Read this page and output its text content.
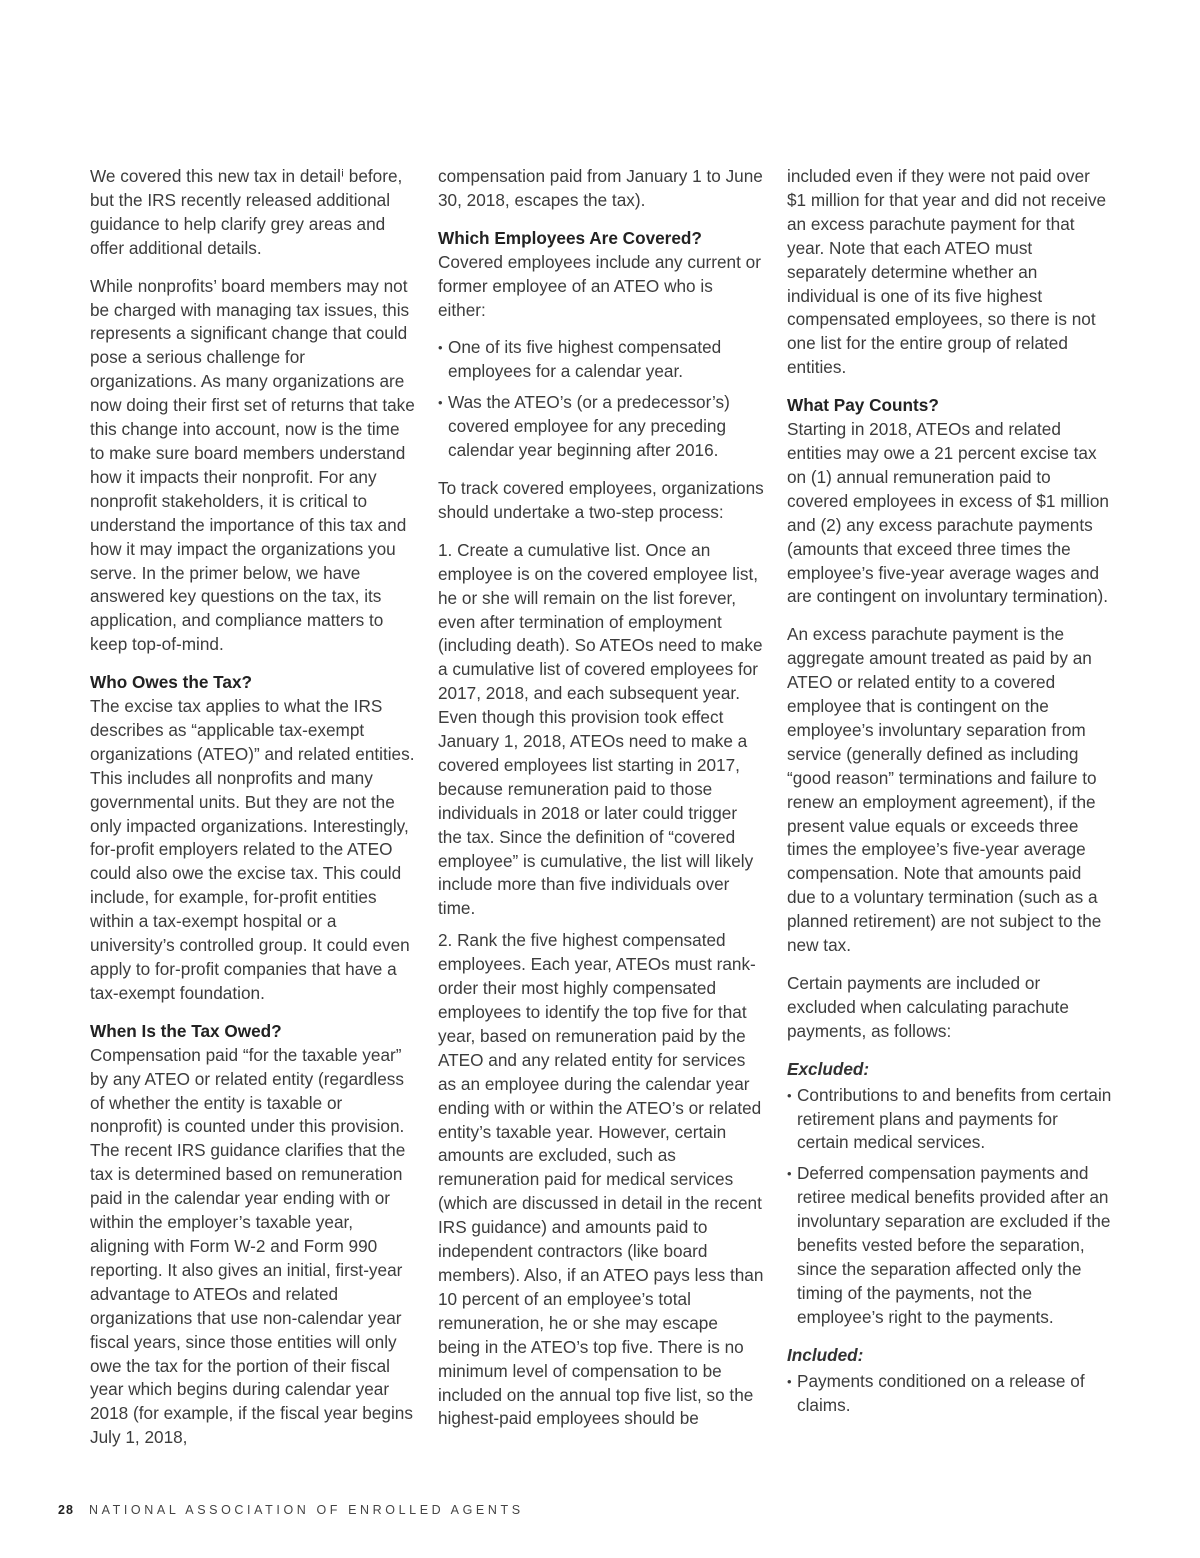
We covered this new tax in detailⁱ before, but the IRS recently released additional guidance to help clarify grey areas and offer additional details.

While nonprofits’ board members may not be charged with managing tax issues, this represents a significant change that could pose a serious challenge for organizations. As many organizations are now doing their first set of returns that take this change into account, now is the time to make sure board members understand how it impacts their nonprofit. For any nonprofit stakeholders, it is critical to understand the importance of this tax and how it may impact the organizations you serve. In the primer below, we have answered key questions on the tax, its application, and compliance matters to keep top-of-mind.

Who Owes the Tax?
The excise tax applies to what the IRS describes as “applicable tax-exempt organizations (ATEO)” and related entities. This includes all nonprofits and many governmental units. But they are not the only impacted organizations. Interestingly, for-profit employers related to the ATEO could also owe the excise tax. This could include, for example, for-profit entities within a tax-exempt hospital or a university’s controlled group. It could even apply to for-profit companies that have a tax-exempt foundation.

When Is the Tax Owed?
Compensation paid “for the taxable year” by any ATEO or related entity (regardless of whether the entity is taxable or nonprofit) is counted under this provision. The recent IRS guidance clarifies that the tax is determined based on remuneration paid in the calendar year ending with or within the employer’s taxable year, aligning with Form W-2 and Form 990 reporting. It also gives an initial, first-year advantage to ATEOs and related organizations that use non-calendar year fiscal years, since those entities will only owe the tax for the portion of their fiscal year which begins during calendar year 2018 (for example, if the fiscal year begins July 1, 2018,

compensation paid from January 1 to June 30, 2018, escapes the tax).

Which Employees Are Covered?
Covered employees include any current or former employee of an ATEO who is either:

• One of its five highest compensated employees for a calendar year.
• Was the ATEO’s (or a predecessor’s) covered employee for any preceding calendar year beginning after 2016.

To track covered employees, organizations should undertake a two-step process:

1. Create a cumulative list. Once an employee is on the covered employee list, he or she will remain on the list forever, even after termination of employment (including death). So ATEOs need to make a cumulative list of covered employees for 2017, 2018, and each subsequent year. Even though this provision took effect January 1, 2018, ATEOs need to make a covered employees list starting in 2017, because remuneration paid to those individuals in 2018 or later could trigger the tax. Since the definition of “covered employee” is cumulative, the list will likely include more than five individuals over time.

2. Rank the five highest compensated employees. Each year, ATEOs must rank-order their most highly compensated employees to identify the top five for that year, based on remuneration paid by the ATEO and any related entity for services as an employee during the calendar year ending with or within the ATEO’s or related entity’s taxable year. However, certain amounts are excluded, such as remuneration paid for medical services (which are discussed in detail in the recent IRS guidance) and amounts paid to independent contractors (like board members). Also, if an ATEO pays less than 10 percent of an employee’s total remuneration, he or she may escape being in the ATEO’s top five. There is no minimum level of compensation to be included on the annual top five list, so the highest-paid employees should be

included even if they were not paid over $1 million for that year and did not receive an excess parachute payment for that year. Note that each ATEO must separately determine whether an individual is one of its five highest compensated employees, so there is not one list for the entire group of related entities.

What Pay Counts?
Starting in 2018, ATEOs and related entities may owe a 21 percent excise tax on (1) annual remuneration paid to covered employees in excess of $1 million and (2) any excess parachute payments (amounts that exceed three times the employee’s five-year average wages and are contingent on involuntary termination).

An excess parachute payment is the aggregate amount treated as paid by an ATEO or related entity to a covered employee that is contingent on the employee’s involuntary separation from service (generally defined as including “good reason” terminations and failure to renew an employment agreement), if the present value equals or exceeds three times the employee’s five-year average compensation. Note that amounts paid due to a voluntary termination (such as a planned retirement) are not subject to the new tax.

Certain payments are included or excluded when calculating parachute payments, as follows:

Excluded:
• Contributions to and benefits from certain retirement plans and payments for certain medical services.
• Deferred compensation payments and retiree medical benefits provided after an involuntary separation are excluded if the benefits vested before the separation, since the separation affected only the timing of the payments, not the employee’s right to the payments.
Included:
• Payments conditioned on a release of claims.
28 NATIONAL ASSOCIATION OF ENROLLED AGENTS
